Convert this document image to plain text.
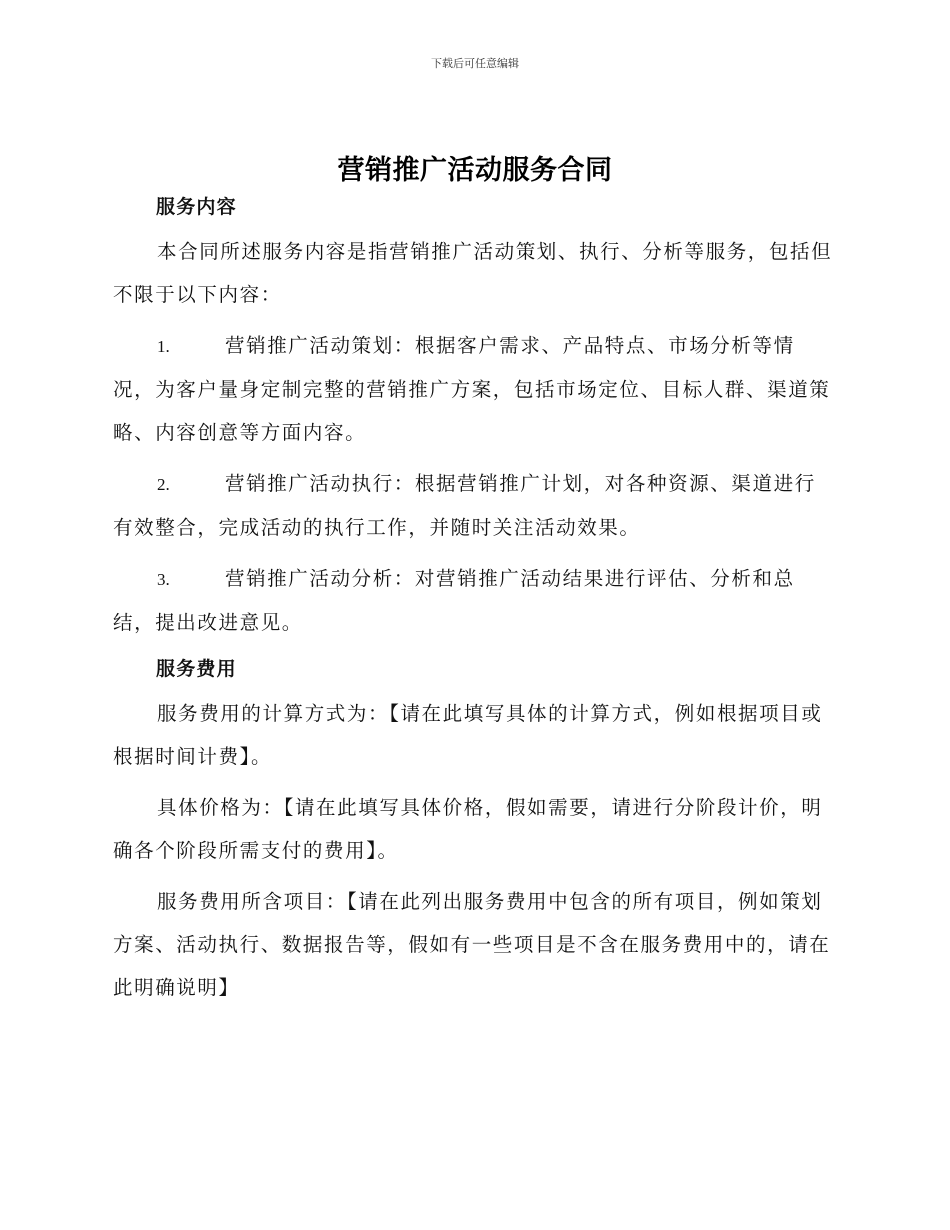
下载后可任意编辑
营销推广活动服务合同
服务内容

本合同所述服务内容是指营销推广活动策划、执行、分析等服务，包括但不限于以下内容：

1.	营销推广活动策划：根据客户需求、产品特点、市场分析等情况，为客户量身定制完整的营销推广方案，包括市场定位、目标人群、渠道策略、内容创意等方面内容。

2.	营销推广活动执行：根据营销推广计划，对各种资源、渠道进行有效整合，完成活动的执行工作，并随时关注活动效果。

3.	营销推广活动分析：对营销推广活动结果进行评估、分析和总结，提出改进意见。

服务费用

服务费用的计算方式为：【请在此填写具体的计算方式，例如根据项目或根据时间计费】。

具体价格为：【请在此填写具体价格，假如需要，请进行分阶段计价，明确各个阶段所需支付的费用】。

服务费用所含项目：【请在此列出服务费用中包含的所有项目，例如策划方案、活动执行、数据报告等，假如有一些项目是不含在服务费用中的，请在此明确说明】
